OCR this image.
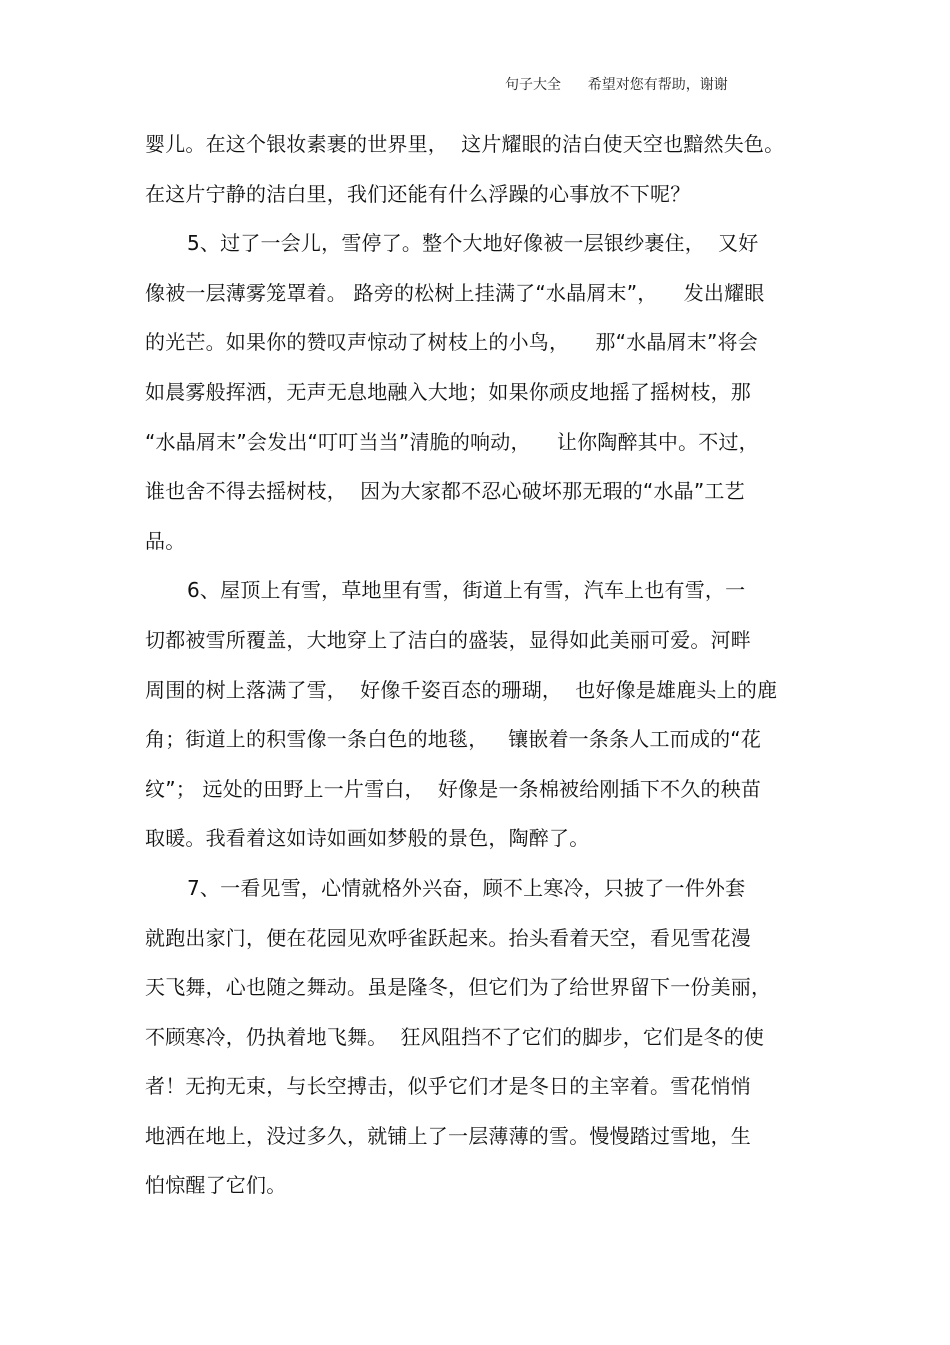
句子大全      希望对您有帮助，谢谢
婴儿。在这个银妆素裹的世界里，  这片耀眼的洁白使天空也黯然失色。
在这片宁静的洁白里，我们还能有什么浮躁的心事放不下呢？
5、过了一会儿，雪停了。整个大地好像被一层银纱裹住，  又好
像被一层薄雾笼罩着。 路旁的松树上挂满了“水晶屑末”，    发出耀眼
的光芒。如果你的赞叹声惊动了树枝上的小鸟，    那“水晶屑末”将会
如晨雾般挥洒，无声无息地融入大地；如果你顽皮地摇了摇树枝，那
“水晶屑末”会发出“叮叮当当”清脆的响动，    让你陶醉其中。不过，
谁也舍不得去摇树枝，  因为大家都不忍心破坏那无瑕的“水晶”工艺
品。
6、屋顶上有雪，草地里有雪，街道上有雪，汽车上也有雪，一
切都被雪所覆盖，大地穿上了洁白的盛装，显得如此美丽可爱。河畔
周围的树上落满了雪，  好像千姿百态的珊瑚，  也好像是雄鹿头上的鹿
角；街道上的积雪像一条白色的地毯，   镶嵌着一条条人工而成的“花
纹”； 远处的田野上一片雪白，  好像是一条棉被给刚插下不久的秧苗
取暖。我看着这如诗如画如梦般的景色，陶醉了。
7、一看见雪，心情就格外兴奋，顾不上寒冷，只披了一件外套
就跑出家门，便在花园见欢呼雀跃起来。抬头看着天空，看见雪花漫
天飞舞，心也随之舞动。虽是隆冬，但它们为了给世界留下一份美丽，
不顾寒冷，仍执着地飞舞。  狂风阻挡不了它们的脚步，它们是冬的使
者！无拘无束，与长空搏击，似乎它们才是冬日的主宰着。雪花悄悄
地洒在地上，没过多久，就铺上了一层薄薄的雪。慢慢踏过雪地，生
怕惊醒了它们。
